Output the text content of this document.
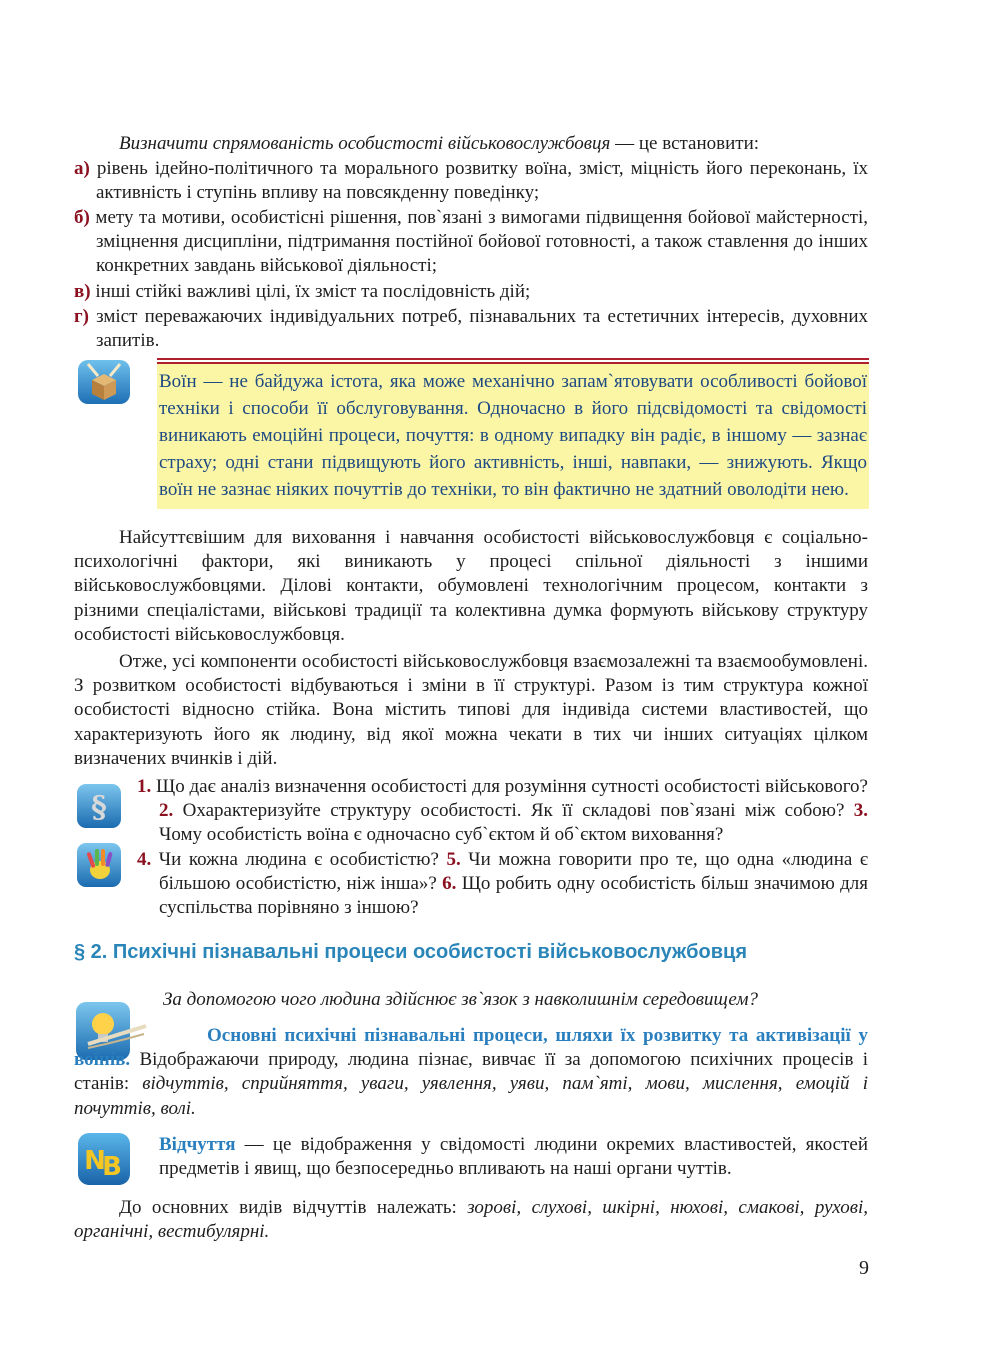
Визначити спрямованість особистості військовослужбовця — це встановити:
а) рівень ідейно-політичного та морального розвитку воїна, зміст, міцність його переконань, їх активність і ступінь впливу на повсякденну поведінку;
б) мету та мотиви, особистісні рішення, пов`язані з вимогами підвищення бойової майстерності, зміцнення дисципліни, підтримання постійної бойової готовності, а також ставлення до інших конкретних завдань військової діяльності;
в) інші стійкі важливі цілі, їх зміст та послідовність дій;
г) зміст переважаючих індивідуальних потреб, пізнавальних та естетичних інтересів, духовних запитів.
Воїн — не байдужа істота, яка може механічно запам`ятовувати особливості бойової техніки і способи її обслуговування. Одночасно в його підсвідомості та свідомості виникають емоційні процеси, почуття: в одному випадку він радіє, в іншому — зазнає страху; одні стани підвищують його активність, інші, навпаки, — знижують. Якщо воїн не зазнає ніяких почуттів до техніки, то він фактично не здатний оволодіти нею.
Найсуттєвішим для виховання і навчання особистості військовослужбовця є соціально-психологічні фактори, які виникають у процесі спільної діяльності з іншими військовослужбовцями. Ділові контакти, обумовлені технологічним процесом, контакти з різними спеціалістами, військові традиції та колективна думка формують військову структуру особистості військовослужбовця.
Отже, усі компоненти особистості військовослужбовця взаємозалежні та взаємообумовлені. З розвитком особистості відбуваються і зміни в її структурі. Разом із тим структура кожної особистості відносно стійка. Вона містить типові для індивіда системи властивостей, що характеризують його як людину, від якої можна чекати в тих чи інших ситуаціях цілком визначених вчинків і дій.
§
1. Що дає аналіз визначення особистості для розуміння сутності особистості військового? 2. Охарактеризуйте структуру особистості. Як її складові пов`язані між собою? 3. Чому особистість воїна є одночасно суб`єктом й об`єктом виховання?
4. Чи кожна людина є особистістю? 5. Чи можна говорити про те, що одна «людина є більшою особистістю, ніж інша»? 6. Що робить одну особистість більш значимою для суспільства порівняно з іншою?
§ 2. Психічні пізнавальні процеси особистості військовослужбовця
За допомогою чого людина здійснює зв`язок з навколишнім середовищем?
Основні психічні пізнавальні процеси, шляхи їх розвитку та активізації у воїнів. Відображаючи природу, людина пізнає, вивчає її за допомогою психічних процесів і станів: відчуттів, сприйняття, уваги, уявлення, уяви, пам`яті, мови, мислення, емоцій і почуттів, волі.
N
B
Відчуття — це відображення у свідомості людини окремих властивостей, якостей предметів і явищ, що безпосередньо впливають на наші органи чуттів.
До основних видів відчуттів належать: зорові, слухові, шкірні, нюхові, смакові, рухові, органічні, вестибулярні.
9
